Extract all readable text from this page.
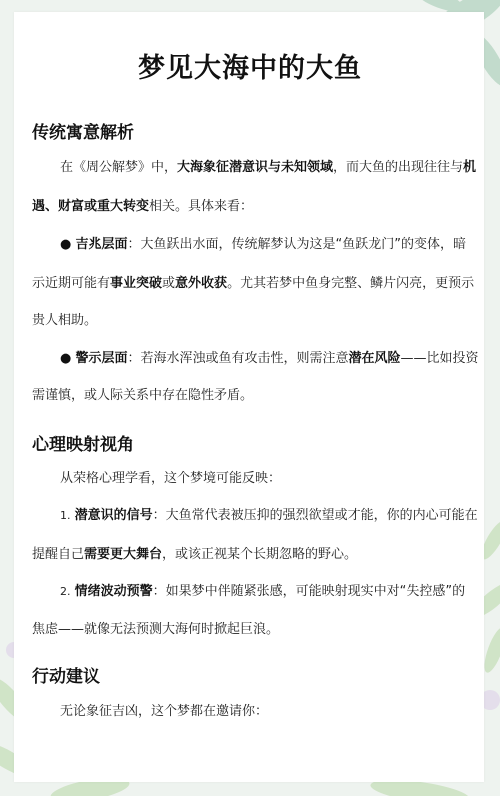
梦见大海中的大鱼
传统寓意解析
在《周公解梦》中，大海象征潜意识与未知领域，而大鱼的出现往往与机
遇、财富或重大转变相关。具体来看：
● 吉兆层面：大鱼跃出水面，传统解梦认为这是“鱼跃龙门”的变体，暗
示近期可能有事业突破或意外收获。尤其若梦中鱼身完整、鳞片闪亮，更预示
贵人相助。
● 警示层面：若海水浑浊或鱼有攻击性，则需注意潜在风险——比如投资
需谨慎，或人际关系中存在隐性矛盾。
心理映射视角
从荣格心理学看，这个梦境可能反映：
1. 潜意识的信号：大鱼常代表被压抑的强烈欲望或才能，你的内心可能在
提醒自己需要更大舞台，或该正视某个长期忽略的野心。
2. 情绪波动预警：如果梦中伴随紧张感，可能映射现实中对“失控感”的
焦虑——就像无法预测大海何时掀起巨浪。
行动建议
无论象征吉凶，这个梦都在邀请你：
